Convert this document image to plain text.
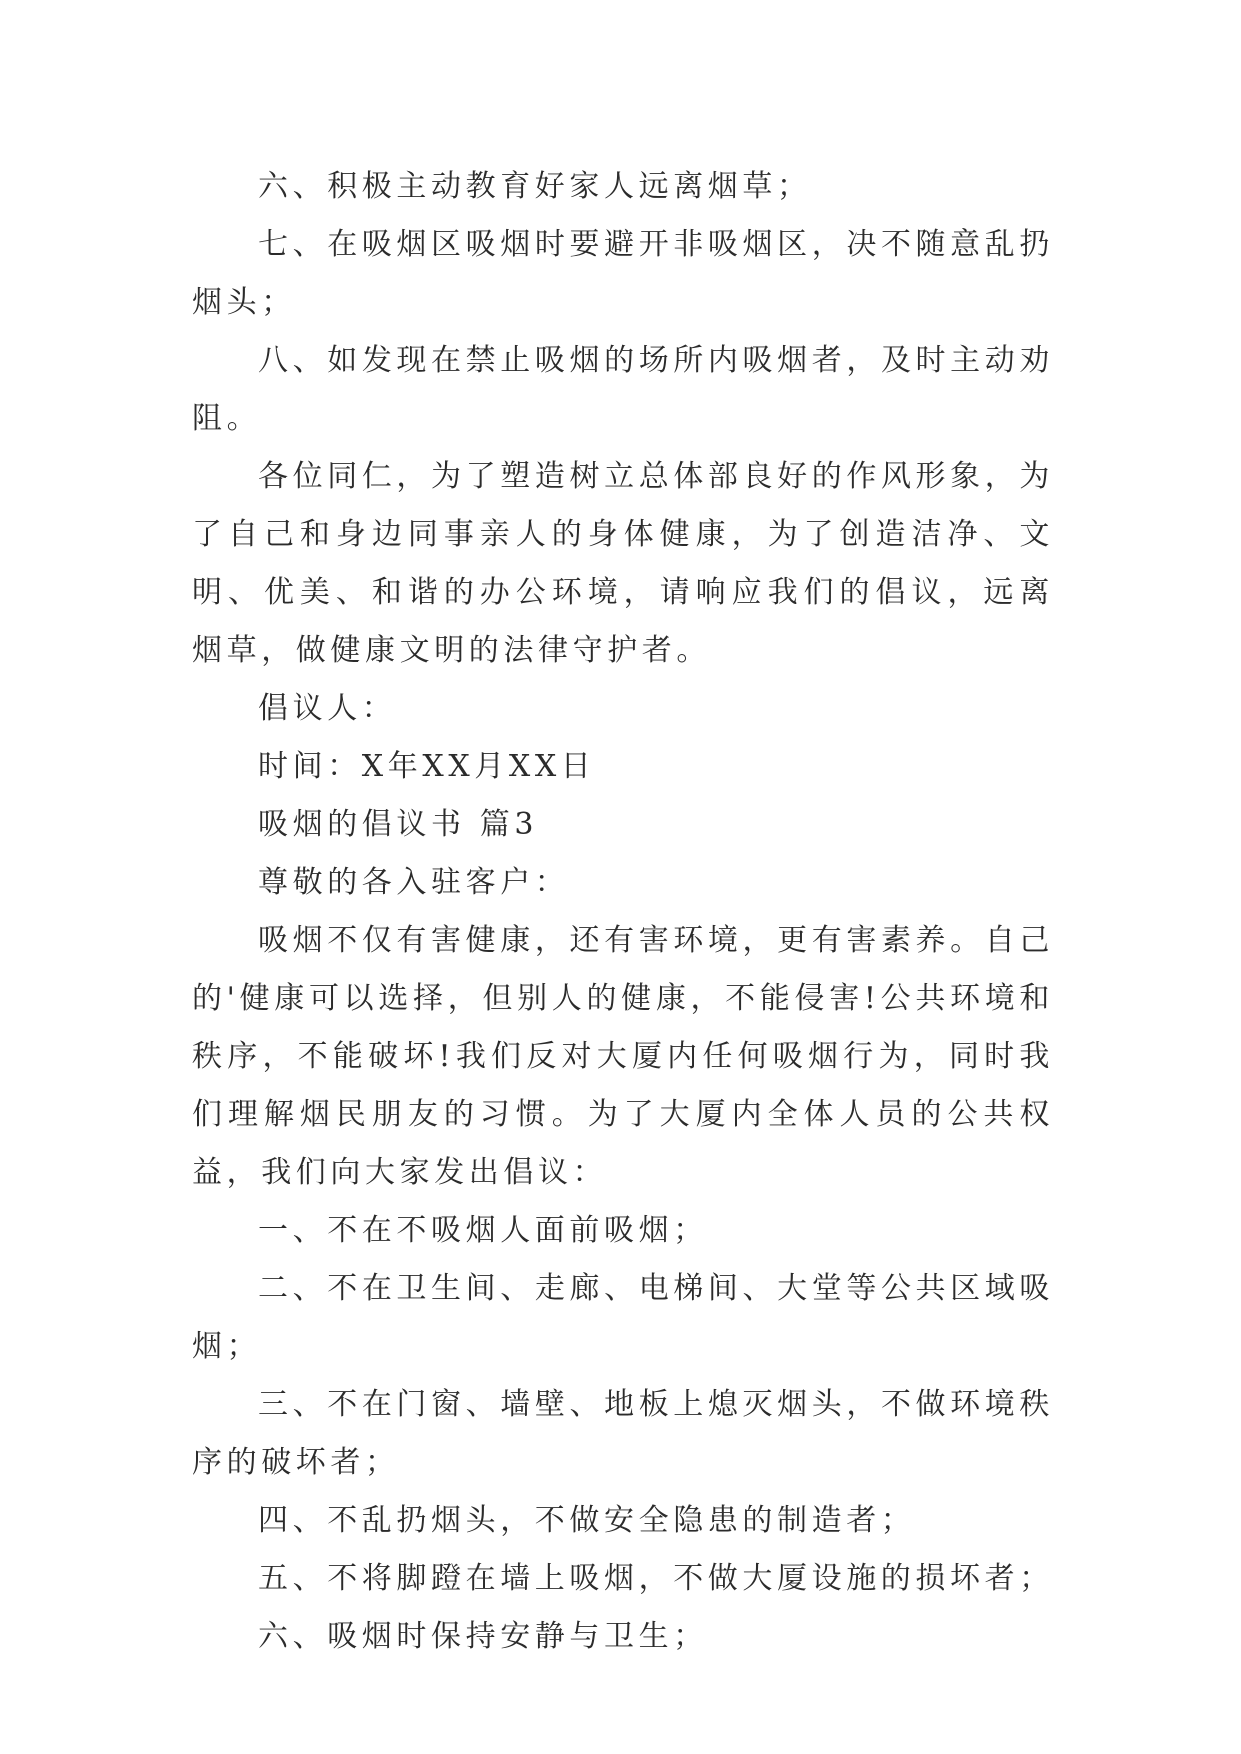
六、积极主动教育好家人远离烟草；

七、在吸烟区吸烟时要避开非吸烟区，决不随意乱扔烟头；

八、如发现在禁止吸烟的场所内吸烟者，及时主动劝阻。

各位同仁，为了塑造树立总体部良好的作风形象，为了自己和身边同事亲人的身体健康，为了创造洁净、文明、优美、和谐的办公环境，请响应我们的倡议，远离烟草，做健康文明的法律守护者。

倡议人：

时间：X年XX月XX日

吸烟的倡议书 篇3

尊敬的各入驻客户：

吸烟不仅有害健康，还有害环境，更有害素养。自己的'健康可以选择，但别人的健康，不能侵害!公共环境和秩序，不能破坏!我们反对大厦内任何吸烟行为，同时我们理解烟民朋友的习惯。为了大厦内全体人员的公共权益，我们向大家发出倡议：

一、不在不吸烟人面前吸烟；

二、不在卫生间、走廊、电梯间、大堂等公共区域吸烟；

三、不在门窗、墙壁、地板上熄灭烟头，不做环境秩序的破坏者；

四、不乱扔烟头，不做安全隐患的制造者；

五、不将脚蹬在墙上吸烟，不做大厦设施的损坏者；

六、吸烟时保持安静与卫生；
